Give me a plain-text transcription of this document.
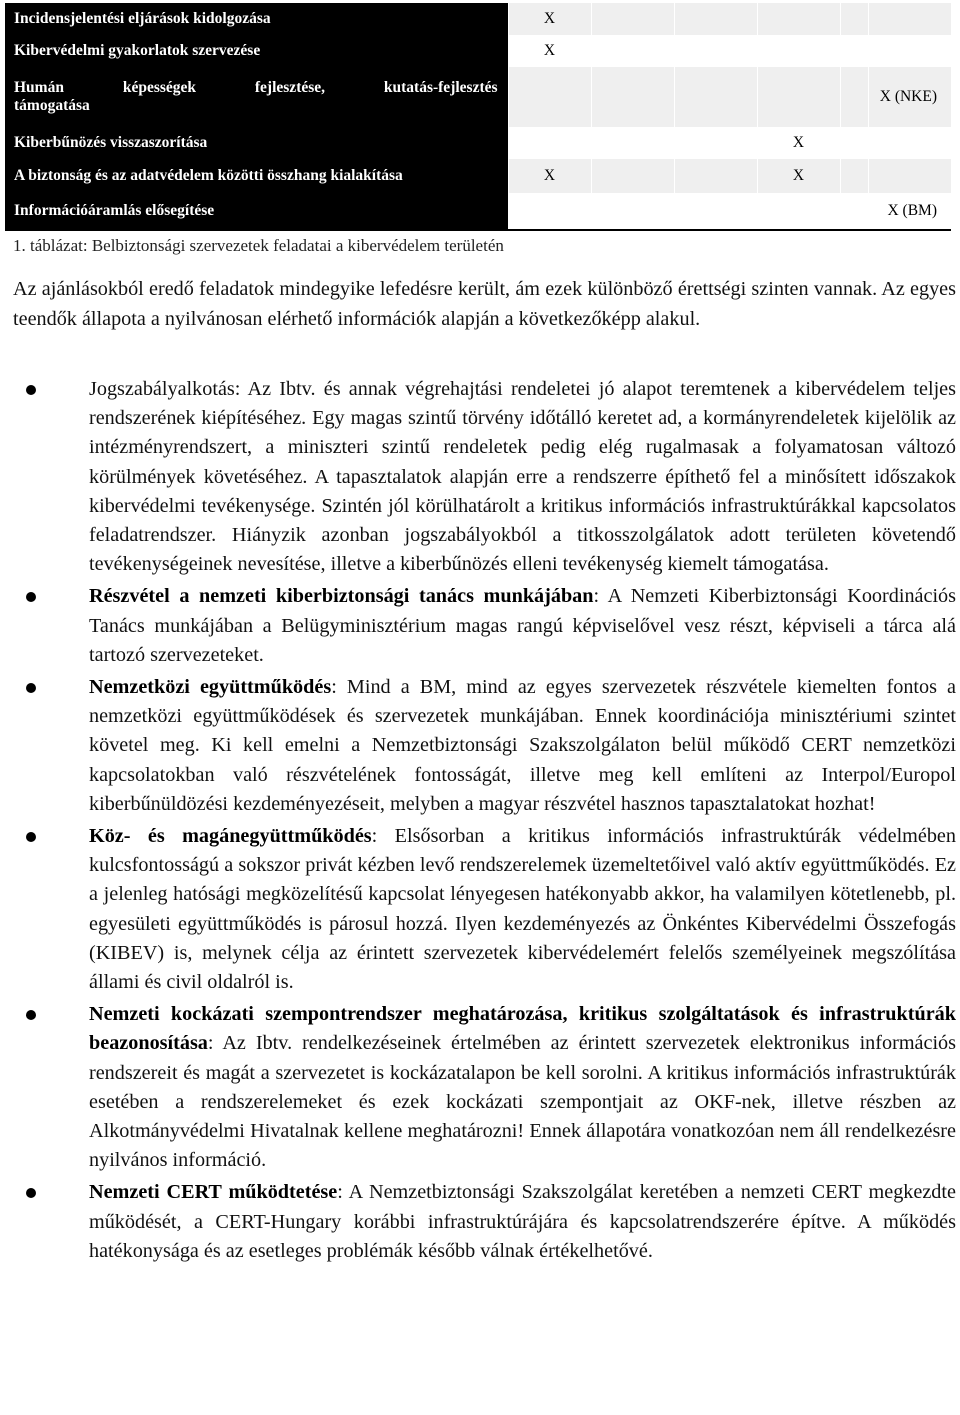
Incidensjelentési eljárások kidolgozása	X					
Kibervédelmi gyakorlatok szervezése	X					

Humán képességek fejlesztése, kutatás-fejlesztés
támogatása						X (NKE)
Kiberbűnözés visszaszorítása				X		
A biztonság és az adatvédelem közötti összhang kialakítása	X			X		
Információáramlás elősegítése						X (BM)

1. táblázat: Belbiztonsági szervezetek feladatai a kibervédelem területén

Az ajánlásokból eredő feladatok mindegyike lefedésre került, ám ezek különböző érettségi szinten vannak. Az egyes teendők állapota a nyilvánosan elérhető információk alapján a következőképp alakul.

Jogszabályalkotás: Az Ibtv. és annak végrehajtási rendeletei jó alapot teremtenek a kibervédelem teljes rendszerének kiépítéséhez. Egy magas szintű törvény időtálló keretet ad, a kormányrendeletek kijelölik az intézményrendszert, a miniszteri szintű rendeletek pedig elég rugalmasak a folyamatosan változó körülmények követéséhez. A tapasztalatok alapján erre a rendszerre építhető fel a minősített időszakok kibervédelmi tevékenysége. Szintén jól körülhatárolt a kritikus információs infrastruktúrákkal kapcsolatos feladatrendszer. Hiányzik azonban jogszabályokból a titkosszolgálatok adott területen követendő tevékenységeinek nevesítése, illetve a kiberbűnözés elleni tevékenység kiemelt támogatása.
Részvétel a nemzeti kiberbiztonsági tanács munkájában: A Nemzeti Kiberbiztonsági Koordinációs Tanács munkájában a Belügyminisztérium magas rangú képviselővel vesz részt, képviseli a tárca alá tartozó szervezeteket.
Nemzetközi együttműködés: Mind a BM, mind az egyes szervezetek részvétele kiemelten fontos a nemzetközi együttműködések és szervezetek munkájában. Ennek koordinációja minisztériumi szintet követel meg. Ki kell emelni a Nemzetbiztonsági Szakszolgálaton belül működő CERT nemzetközi kapcsolatokban való részvételének fontosságát, illetve meg kell említeni az Interpol/Europol kiberbűnüldözési kezdeményezéseit, melyben a magyar részvétel hasznos tapasztalatokat hozhat!
Köz- és magánegyüttműködés: Elsősorban a kritikus információs infrastruktúrák védelmében kulcsfontosságú a sokszor privát kézben levő rendszerelemek üzemeltetőivel való aktív együttműködés. Ez a jelenleg hatósági megközelítésű kapcsolat lényegesen hatékonyabb akkor, ha valamilyen kötetlenebb, pl. egyesületi együttműködés is párosul hozzá. Ilyen kezdeményezés az Önkéntes Kibervédelmi Összefogás (KIBEV) is, melynek célja az érintett szervezetek kibervédelemért felelős személyeinek megszólítása állami és civil oldalról is.
Nemzeti kockázati szempontrendszer meghatározása, kritikus szolgáltatások és infrastruktúrák beazonosítása: Az Ibtv. rendelkezéseinek értelmében az érintett szervezetek elektronikus információs rendszereit és magát a szervezetet is kockázatalapon be kell sorolni. A kritikus információs infrastruktúrák esetében a rendszerelemeket és ezek kockázati szempontjait az OKF-nek, illetve részben az Alkotmányvédelmi Hivatalnak kellene meghatározni! Ennek állapotára vonatkozóan nem áll rendelkezésre nyilvános információ.
Nemzeti CERT működtetése: A Nemzetbiztonsági Szakszolgálat keretében a nemzeti CERT megkezdte működését, a CERT-Hungary korábbi infrastruktúrájára és kapcsolatrendszerére építve. A működés hatékonysága és az esetleges problémák később válnak értékelhetővé.
